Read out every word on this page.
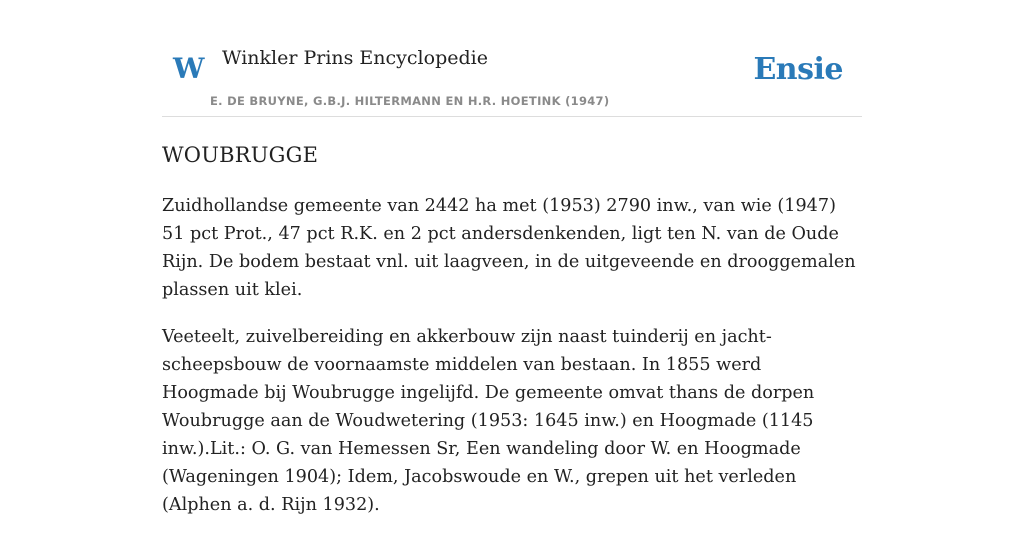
W Winkler Prins Encyclopedie
E. DE BRUYNE, G.B.J. HILTERMANN EN H.R. HOETINK (1947)
Ensie
WOUBRUGGE

Zuidhollandse gemeente van 2442 ha met (1953) 2790 inw., van wie (1947) 51 pct Prot., 47 pct R.K. en 2 pct andersdenkenden, ligt ten N. van de Oude Rijn. De bodem bestaat vnl. uit laagveen, in de uitgeveende en drooggemalen plassen uit klei.

Veeteelt, zuivelbereiding en akkerbouw zijn naast tuinderij en jacht-scheepsbouw de voornaamste middelen van bestaan. In 1855 werd Hoogmade bij Woubrugge ingelijfd. De gemeente omvat thans de dorpen Woubrugge aan de Woudwetering (1953: 1645 inw.) en Hoogmade (1145 inw.).Lit.: O. G. van Hemessen Sr, Een wandeling door W. en Hoogmade (Wageningen 1904); Idem, Jacobswoude en W., grepen uit het verleden (Alphen a. d. Rijn 1932).
